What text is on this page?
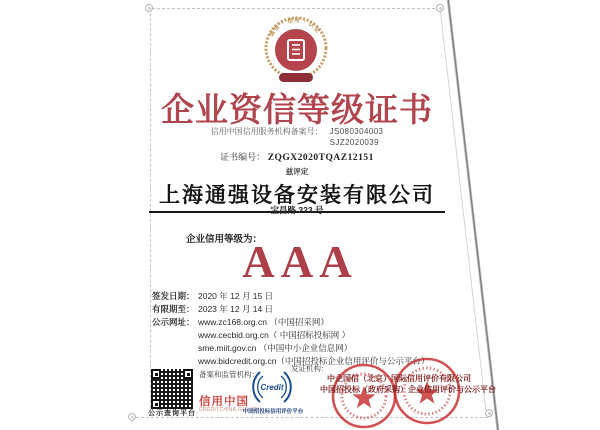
诚信 · 信用 · 认证
企业资信等级证书
信用中国信用服务机构备案号： JS080304003
SJZ2020039
证书编号： ZQGX2020TQAZ12151
兹评定
上海通强设备安装有限公司
宝昌路 323 号
企业信用等级为：
AAA
签发日期： 2020 年 12 月 15 日
有限期至： 2023 年 12 月 14 日
公示网址： www.zc168.org.cn （中国招采网）
www.cecbid.org.cn（ 中国招标投标网 ）
sme.miit.gov.cn （中国中小企业信息网）
www.bidcredit.org.cn（中国招投标企业信用评价与公示平台）
公示查询平台
备案和监管机构：
信用中国
CREDITCHINA.GOV.CN
Credit
中国招投标信用评价平台
发证机构：
中企国信（北京）国际信用评价有限公司
中国招投标（政府采购）企业信用评价与公示平台
